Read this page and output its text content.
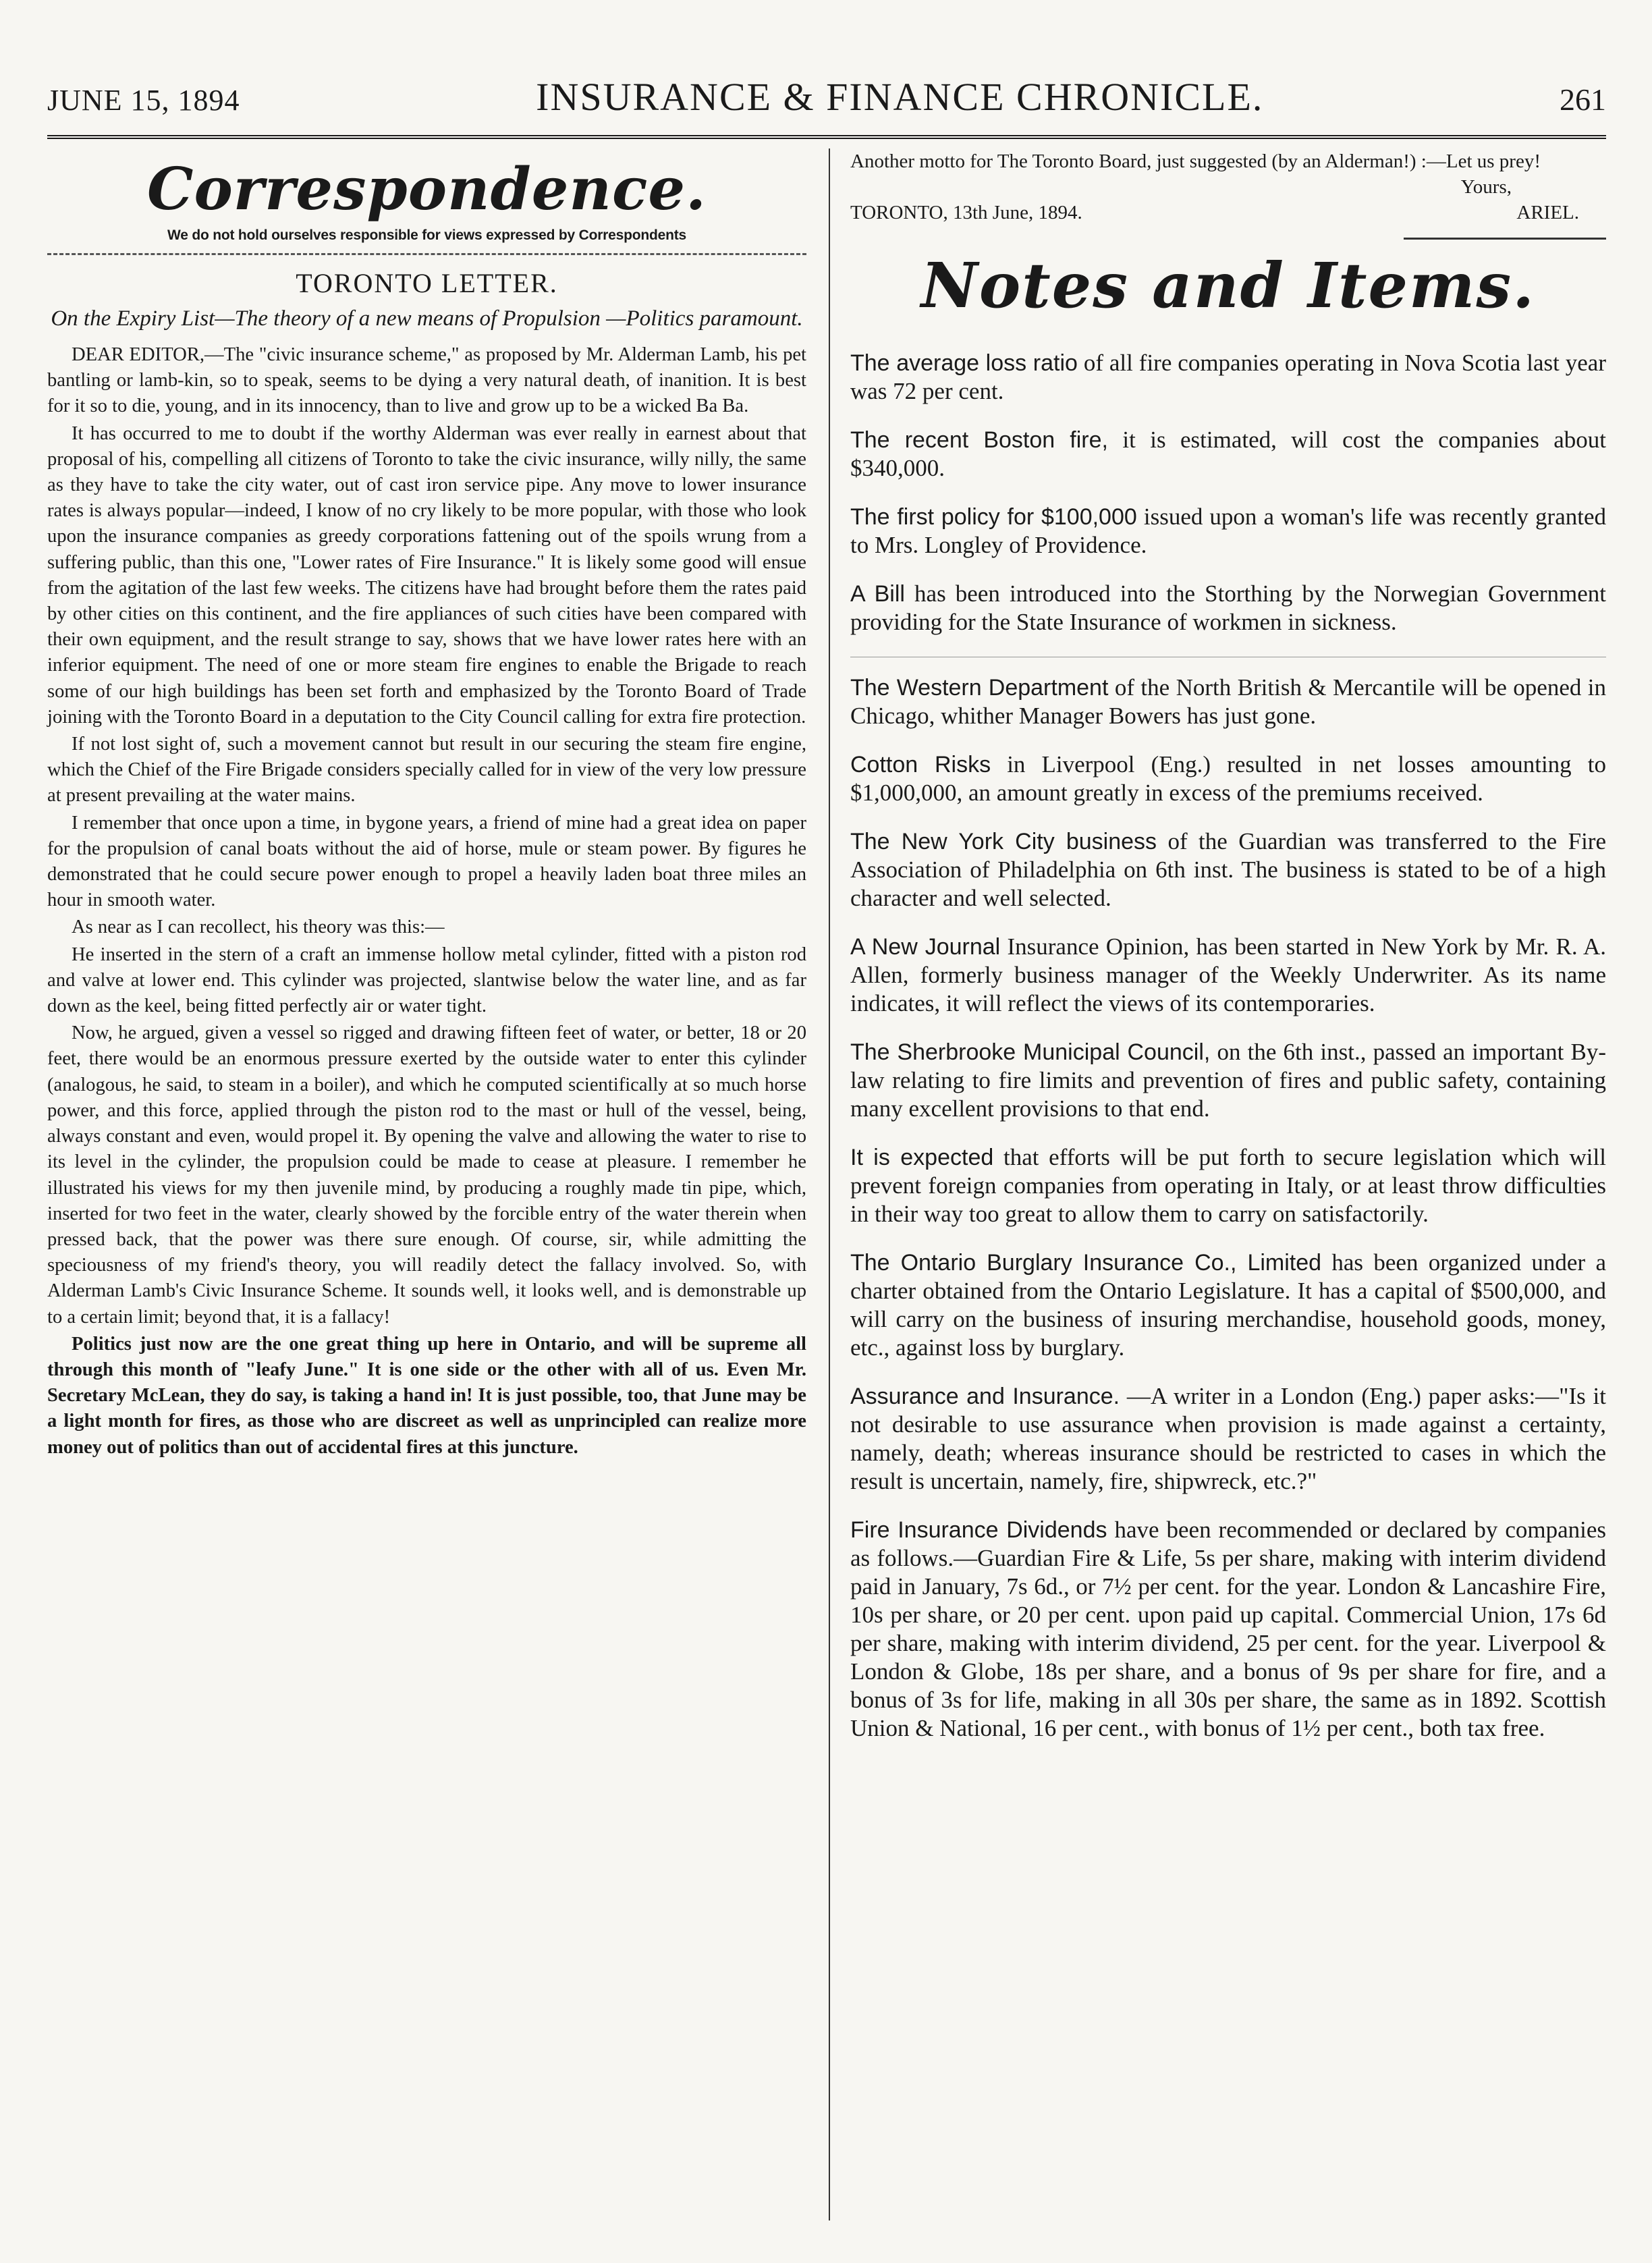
JUNE 15, 1894	INSURANCE & FINANCE CHRONICLE.	261
Correspondence.
We do not hold ourselves responsible for views expressed by Correspondents
TORONTO LETTER.
On the Expiry List—The theory of a new means of Propulsion —Politics paramount.

DEAR EDITOR,—The "civic insurance scheme," as proposed by Mr. Alderman Lamb, his pet bantling or lamb-kin, so to speak, seems to be dying a very natural death, of inanition. It is best for it so to die, young, and in its innocency, than to live and grow up to be a wicked Ba Ba.

It has occurred to me to doubt if the worthy Alderman was ever really in earnest about that proposal of his, compelling all citizens of Toronto to take the civic insurance, willy nilly, the same as they have to take the city water, out of cast iron service pipe. Any move to lower insurance rates is always popular—indeed, I know of no cry likely to be more popular, with those who look upon the insurance companies as greedy corporations fattening out of the spoils wrung from a suffering public, than this one, "Lower rates of Fire Insurance." It is likely some good will ensue from the agitation of the last few weeks. The citizens have had brought before them the rates paid by other cities on this continent, and the fire appliances of such cities have been compared with their own equipment, and the result strange to say, shows that we have lower rates here with an inferior equipment. The need of one or more steam fire engines to enable the Brigade to reach some of our high buildings has been set forth and emphasized by the Toronto Board of Trade joining with the Toronto Board in a deputation to the City Council calling for extra fire protection.

If not lost sight of, such a movement cannot but result in our securing the steam fire engine, which the Chief of the Fire Brigade considers specially called for in view of the very low pressure at present prevailing at the water mains.

I remember that once upon a time, in bygone years, a friend of mine had a great idea on paper for the propulsion of canal boats without the aid of horse, mule or steam power. By figures he demonstrated that he could secure power enough to propel a heavily laden boat three miles an hour in smooth water.

As near as I can recollect, his theory was this:—

He inserted in the stern of a craft an immense hollow metal cylinder, fitted with a piston rod and valve at lower end. This cylinder was projected, slantwise below the water line, and as far down as the keel, being fitted perfectly air or water tight.

Now, he argued, given a vessel so rigged and drawing fifteen feet of water, or better, 18 or 20 feet, there would be an enormous pressure exerted by the outside water to enter this cylinder (analogous, he said, to steam in a boiler), and which he computed scientifically at so much horse power, and this force, applied through the piston rod to the mast or hull of the vessel, being, always constant and even, would propel it. By opening the valve and allowing the water to rise to its level in the cylinder, the propulsion could be made to cease at pleasure. I remember he illustrated his views for my then juvenile mind, by producing a roughly made tin pipe, which, inserted for two feet in the water, clearly showed by the forcible entry of the water therein when pressed back, that the power was there sure enough. Of course, sir, while admitting the speciousness of my friend's theory, you will readily detect the fallacy involved. So, with Alderman Lamb's Civic Insurance Scheme. It sounds well, it looks well, and is demonstrable up to a certain limit; beyond that, it is a fallacy!

Politics just now are the one great thing up here in Ontario, and will be supreme all through this month of "leafy June." It is one side or the other with all of us. Even Mr. Secretary McLean, they do say, is taking a hand in! It is just possible, too, that June may be a light month for fires, as those who are discreet as well as unprincipled can realize more money out of politics than out of accidental fires at this juncture.

Another motto for The Toronto Board, just suggested (by an Alderman!) :—Let us prey!
Yours,
TORONTO, 13th June, 1894.	ARIEL.
Notes and Items.

The average loss ratio of all fire companies operating in Nova Scotia last year was 72 per cent.

The recent Boston fire, it is estimated, will cost the companies about $340,000.

The first policy for $100,000 issued upon a woman's life was recently granted to Mrs. Longley of Providence.

A Bill has been introduced into the Storthing by the Norwegian Government providing for the State Insurance of workmen in sickness.

The Western Department of the North British & Mercantile will be opened in Chicago, whither Manager Bowers has just gone.

Cotton Risks in Liverpool (Eng.) resulted in net losses amounting to $1,000,000, an amount greatly in excess of the premiums received.

The New York City business of the Guardian was transferred to the Fire Association of Philadelphia on 6th inst. The business is stated to be of a high character and well selected.

A New Journal Insurance Opinion, has been started in New York by Mr. R. A. Allen, formerly business manager of the Weekly Underwriter. As its name indicates, it will reflect the views of its contemporaries.

The Sherbrooke Municipal Council, on the 6th inst., passed an important By-law relating to fire limits and prevention of fires and public safety, containing many excellent provisions to that end.

It is expected that efforts will be put forth to secure legislation which will prevent foreign companies from operating in Italy, or at least throw difficulties in their way too great to allow them to carry on satisfactorily.

The Ontario Burglary Insurance Co., Limited has been organized under a charter obtained from the Ontario Legislature. It has a capital of $500,000, and will carry on the business of insuring merchandise, household goods, money, etc., against loss by burglary.

Assurance and Insurance. —A writer in a London (Eng.) paper asks:—"Is it not desirable to use assurance when provision is made against a certainty, namely, death; whereas insurance should be restricted to cases in which the result is uncertain, namely, fire, shipwreck, etc.?"

Fire Insurance Dividends have been recommended or declared by companies as follows.—Guardian Fire & Life, 5s per share, making with interim dividend paid in January, 7s 6d., or 7½ per cent. for the year. London & Lancashire Fire, 10s per share, or 20 per cent. upon paid up capital. Commercial Union, 17s 6d per share, making with interim dividend, 25 per cent. for the year. Liverpool & London & Globe, 18s per share, and a bonus of 9s per share for fire, and a bonus of 3s for life, making in all 30s per share, the same as in 1892. Scottish Union & National, 16 per cent., with bonus of 1½ per cent., both tax free.
